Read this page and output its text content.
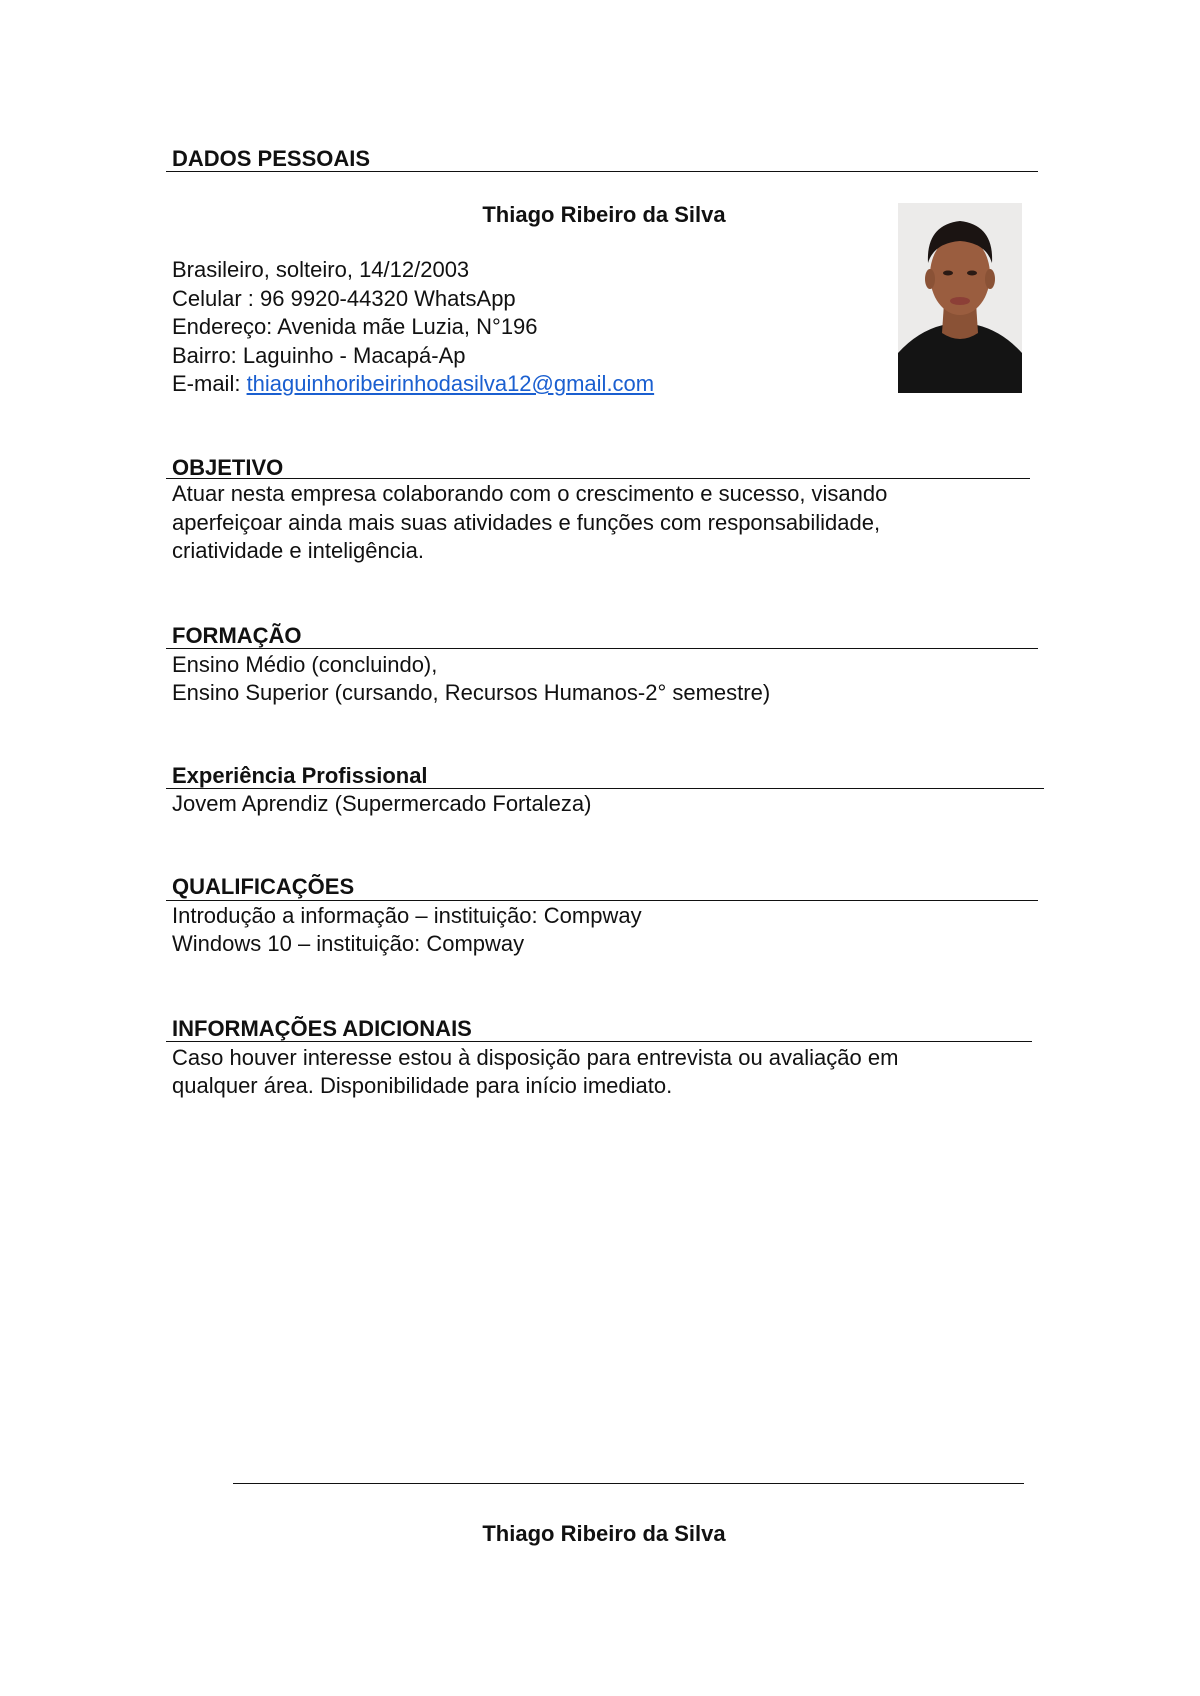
DADOS PESSOAIS
Thiago Ribeiro da Silva
Brasileiro, solteiro, 14/12/2003
Celular : 96 9920-44320 WhatsApp
Endereço: Avenida mãe Luzia, N°196
Bairro: Laguinho - Macapá-Ap
E-mail: thiaguinhoribeirinhodasilva12@gmail.com
OBJETIVO
Atuar nesta empresa colaborando com o crescimento e sucesso, visando
aperfeiçoar ainda mais suas atividades e funções com responsabilidade,
criatividade e inteligência.
FORMAÇÃO
Ensino Médio (concluindo),
Ensino Superior (cursando, Recursos Humanos-2° semestre)
Experiência Profissional
Jovem Aprendiz (Supermercado Fortaleza)
QUALIFICAÇÕES
Introdução a informação – instituição: Compway
Windows 10 – instituição: Compway
INFORMAÇÕES ADICIONAIS
Caso houver interesse estou à disposição para entrevista ou avaliação em
qualquer área. Disponibilidade para início imediato.
Thiago Ribeiro da Silva
